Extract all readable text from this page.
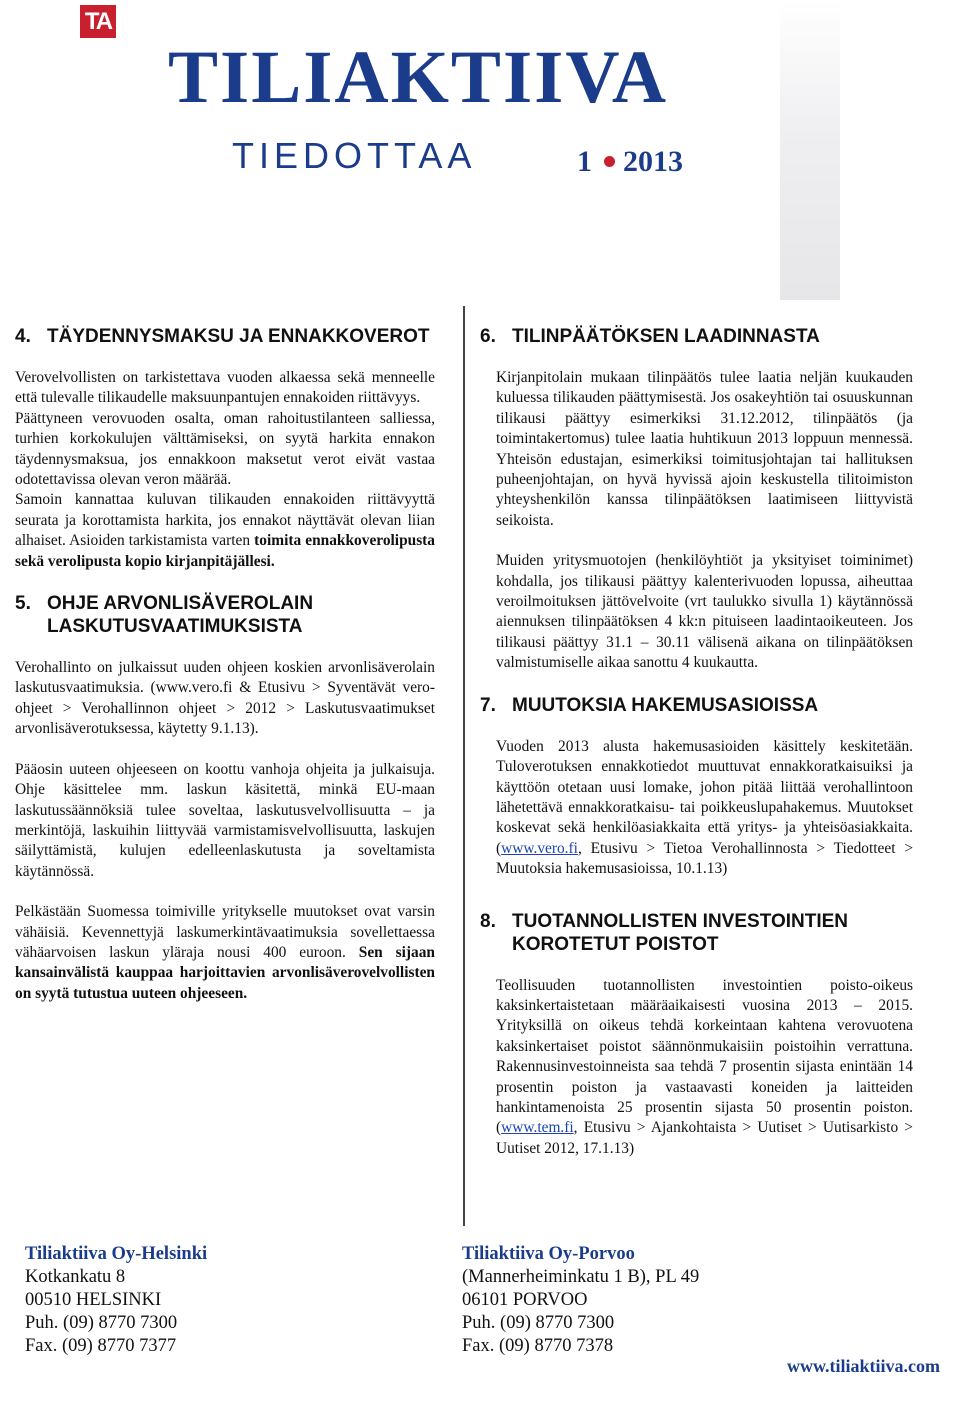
TA
TILIAKTIIVA
TIEDOTTAA	1 2013
4. TÄYDENNYSMAKSU JA ENNAKKOVEROT

Verovelvollisten on tarkistettava vuoden alkaessa sekä menneelle että tulevalle tilikaudelle maksuunpantujen ennakoiden riittävyys.

Päättyneen verovuoden osalta, oman rahoitustilanteen salliessa, turhien korkokulujen välttämiseksi, on syytä harkita ennakon täydennysmaksua, jos ennakkoon maksetut verot eivät vastaa odotettavissa olevan veron määrää.

Samoin kannattaa kuluvan tilikauden ennakoiden riittävyyttä seurata ja korottamista harkita, jos ennakot näyttävät olevan liian alhaiset. Asioiden tarkistamista varten toimita ennakkoverolipusta sekä verolipusta kopio kirjanpitäjällesi.

5. OHJE ARVONLISÄVEROLAIN LASKUTUSVAATIMUKSISTA

Verohallinto on julkaissut uuden ohjeen koskien arvonlisäverolain laskutusvaatimuksia. (www.vero.fi & Etusivu > Syventävät vero-ohjeet > Verohallinnon ohjeet > 2012 > Laskutusvaatimukset arvonlisäverotuksessa, käytetty 9.1.13).

Pääosin uuteen ohjeeseen on koottu vanhoja ohjeita ja julkaisuja. Ohje käsittelee mm. laskun käsitettä, minkä EU-maan laskutussäännöksiä tulee soveltaa, laskutusvelvollisuutta – ja merkintöjä, laskuihin liittyvää varmistamisvelvollisuutta, laskujen säilyttämistä, kulujen edelleenlaskutusta ja soveltamista käytännössä.

Pelkästään Suomessa toimiville yritykselle muutokset ovat varsin vähäisiä. Kevennettyjä laskumerkintävaatimuksia sovellettaessa vähäarvoisen laskun yläraja nousi 400 euroon. Sen sijaan kansainvälistä kauppaa harjoittavien arvonlisäverovelvollisten on syytä tutustua uuteen ohjeeseen.

6. TILINPÄÄTÖKSEN LAADINNASTA

Kirjanpitolain mukaan tilinpäätös tulee laatia neljän kuukauden kuluessa tilikauden päättymisestä. Jos osakeyhtiön tai osuuskunnan tilikausi päättyy esimerkiksi 31.12.2012, tilinpäätös (ja toimintakertomus) tulee laatia huhtikuun 2013 loppuun mennessä. Yhteisön edustajan, esimerkiksi toimitusjohtajan tai hallituksen puheenjohtajan, on hyvä hyvissä ajoin keskustella tilitoimiston yhteyshenkilön kanssa tilinpäätöksen laatimiseen liittyvistä seikoista.

Muiden yritysmuotojen (henkilöyhtiöt ja yksityiset toiminimet) kohdalla, jos tilikausi päättyy kalenterivuoden lopussa, aiheuttaa veroilmoituksen jättövelvoite (vrt taulukko sivulla 1) käytännössä aiennuksen tilinpäätöksen 4 kk:n pituiseen laadintaoikeuteen. Jos tilikausi päättyy 31.1 – 30.11 välisenä aikana on tilinpäätöksen valmistumiselle aikaa sanottu 4 kuukautta.

7. MUUTOKSIA HAKEMUSASIOISSA

Vuoden 2013 alusta hakemusasioiden käsittely keskitetään. Tuloverotuksen ennakkotiedot muuttuvat ennakkoratkaisuiksi ja käyttöön otetaan uusi lomake, johon pitää liittää verohallintoon lähetettävä ennakkoratkaisu- tai poikkeuslupahakemus. Muutokset koskevat sekä henkilöasiakkaita että yritys- ja yhteisöasiakkaita. (www.vero.fi, Etusivu > Tietoa Verohallinnosta > Tiedotteet > Muutoksia hakemusasioissa, 10.1.13)

8. TUOTANNOLLISTEN INVESTOINTIEN KOROTETUT POISTOT

Teollisuuden tuotannollisten investointien poisto-oikeus kaksinkertaistetaan määräaikaisesti vuosina 2013 – 2015. Yrityksillä on oikeus tehdä korkeintaan kahtena verovuotena kaksinkertaiset poistot säännönmukaisiin poistoihin verrattuna. Rakennusinvestoinneista saa tehdä 7 prosentin sijasta enintään 14 prosentin poiston ja vastaavasti koneiden ja laitteiden hankintamenoista 25 prosentin sijasta 50 prosentin poiston. (www.tem.fi, Etusivu > Ajankohtaista > Uutiset > Uutisarkisto > Uutiset 2012, 17.1.13)

Tiliaktiiva Oy-Helsinki
Kotkankatu 8
00510 HELSINKI
Puh. (09) 8770 7300
Fax. (09) 8770 7377
Tiliaktiiva Oy-Porvoo
(Mannerheiminkatu 1 B), PL 49
06101 PORVOO
Puh. (09) 8770 7300
Fax. (09) 8770 7378
www.tiliaktiiva.com
